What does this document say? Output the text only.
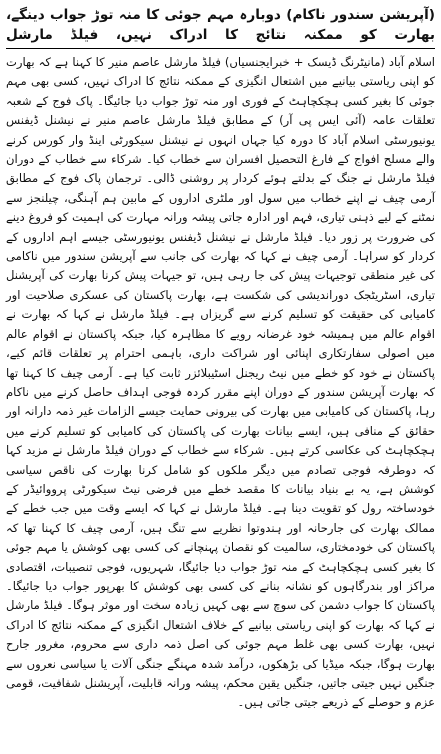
(آپریشن سندور ناکام) دوبارہ مہم جوئی کا منہ توڑ جواب دینگے، بھارت کو ممکنہ نتائج کا ادراک نہیں، فیلڈ مارشل

اسلام آباد (مانیٹرنگ ڈیسک + خبرایجنسیاں) فیلڈ مارشل عاصم منیر کا کہنا ہے کہ بھارت کو اپنی ریاستی بیانیے میں اشتعال انگیزی کے ممکنہ نتائج کا ادراک نہیں، کسی بھی مہم جوئی کا بغیر کسی ہچکچاہٹ کے فوری اور منہ توڑ جواب دیا جائیگا۔ پاک فوج کے شعبہ تعلقات عامہ (آئی ایس پی آر) کے مطابق فیلڈ مارشل عاصم منیر نے نیشنل ڈیفنس یونیورسٹی اسلام آباد کا دورہ کیا جہاں انہوں نے نیشنل سیکورٹی اینڈ وار کورس کرنے والے مسلح افواج کے فارغ التحصیل افسران سے خطاب کیا۔ شرکاء سے خطاب کے دوران فیلڈ مارشل نے جنگ کے بدلتے ہوئے کردار پر روشنی ڈالی۔ ترجمان پاک فوج کے مطابق آرمی چیف نے اپنے خطاب میں سول اور ملٹری اداروں کے مابین ہم آہنگی، چیلنجز سے نمٹنے کے لیے ذہنی تیاری، فہم اور ادارہ جاتی پیشہ ورانہ مہارت کی اہمیت کو فروغ دینے کی ضرورت پر زور دیا۔ فیلڈ مارشل نے نیشنل ڈیفنس یونیورسٹی جیسے اہم اداروں کے کردار کو سراہا۔ آرمی چیف نے کہا کہ بھارت کی جانب سے آپریشن سندور میں ناکامی کی غیر منطقی توجیہات پیش کی جا رہی ہیں، تو جیہات پیش کرنا بھارت کی آپریشنل تیاری، اسٹریٹجک دوراندیشی کی شکست ہے، بھارت پاکستان کی عسکری صلاحیت اور کامیابی کی حقیقت کو تسلیم کرنے سے گریزاں ہے۔ فیلڈ مارشل نے کہا کہ بھارت نے اقوام عالم میں ہمیشہ خود غرضانہ رویے کا مظاہرہ کیا، جبکہ پاکستان نے اقوام عالم میں اصولی سفارتکاری اپنائی اور شراکت داری، باہمی احترام پر تعلقات قائم کیے، پاکستان نے خود کو خطے میں نیٹ ریجنل اسٹیبلائزر ثابت کیا ہے۔ آرمی چیف کا کہنا تھا کہ بھارت آپریشن سندور کے دوران اپنے مقرر کردہ فوجی اہداف حاصل کرنے میں ناکام رہا، پاکستان کی کامیابی میں بھارت کی بیرونی حمایت جیسے الزامات غیر ذمہ دارانہ اور حقائق کے منافی ہیں، ایسے بیانات بھارت کی پاکستان کی کامیابی کو تسلیم کرنے میں ہچکچاہٹ کی عکاسی کرتے ہیں۔ شرکاء سے خطاب کے دوران فیلڈ مارشل نے مزید کہا کہ دوطرفہ فوجی تصادم میں دیگر ملکوں کو شامل کرنا بھارت کی ناقص سیاسی کوشش ہے، یہ بے بنیاد بیانات کا مقصد خطے میں فرضی نیٹ سیکورٹی پرووائیڈر کے خودساختہ رول کو تقویت دینا ہے۔ فیلڈ مارشل نے کہا کہ ایسے وقت میں جب خطے کے ممالک بھارت کی جارحانہ اور ہندوتوا نظریے سے تنگ ہیں، آرمی چیف کا کہنا تھا کہ پاکستان کی خودمختاری، سالمیت کو نقصان پہنچانے کی کسی بھی کوشش یا مہم جوئی کا بغیر کسی ہچکچاہٹ کے منہ توڑ جواب دیا جائیگا، شہریوں، فوجی تنصیبات، اقتصادی مراکز اور بندرگاہوں کو نشانہ بنانے کی کسی بھی کوشش کا بھرپور جواب دیا جائیگا۔ پاکستان کا جواب دشمن کی سوچ سے بھی کہیں زیادہ سخت اور موثر ہوگا۔ فیلڈ مارشل نے کہا کہ بھارت کو اپنی ریاستی بیانیے کے خلاف اشتعال انگیزی کے ممکنہ نتائج کا ادراک نہیں، بھارت کسی بھی غلط مہم جوئی کی اصل ذمہ داری سے محروم، مغرور جارح بھارت ہوگا، جبکہ میڈیا کی بڑھکوں، درآمد شدہ مہنگے جنگی آلات یا سیاسی نعروں سے جنگیں نہیں جیتی جاتیں، جنگیں یقین محکم، پیشہ ورانہ قابلیت، آپریشنل شفافیت، قومی عزم و حوصلے کے ذریعے جیتی جاتی ہیں۔
